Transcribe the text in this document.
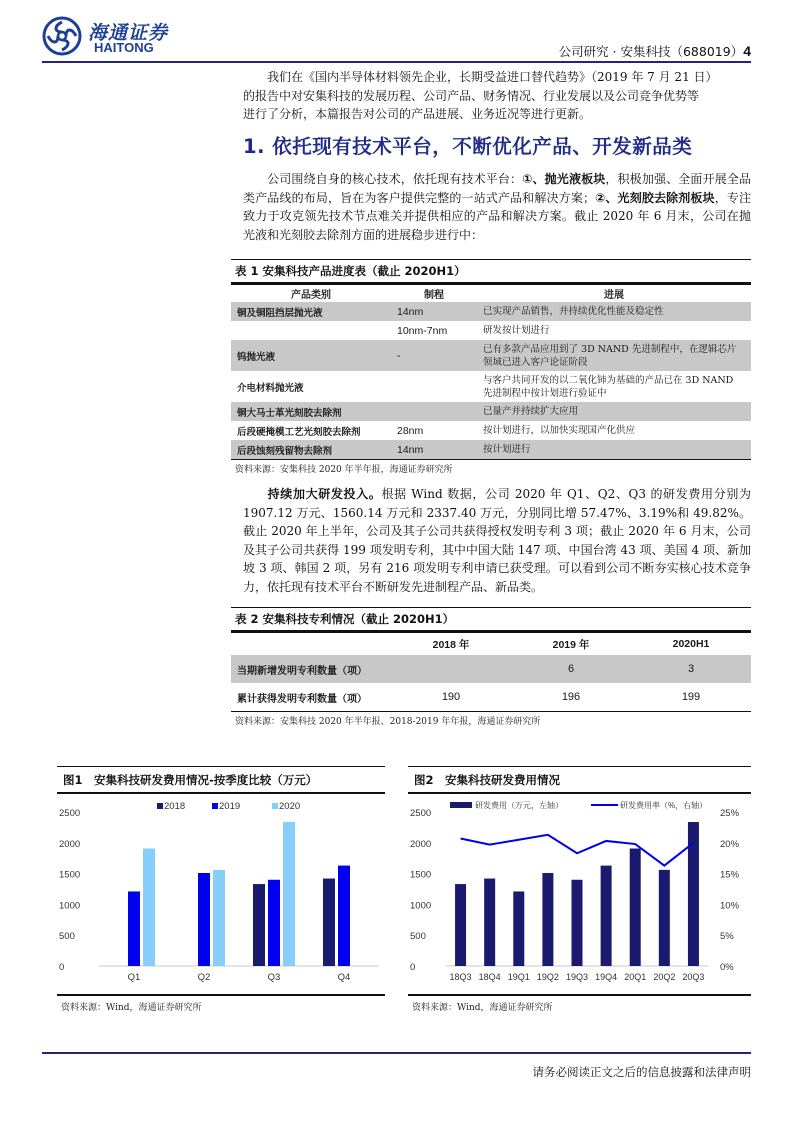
海通证券
HAITONG	公司研究 · 安集科技（688019）4
我们在《国内半导体材料领先企业，长期受益进口替代趋势》（2019 年 7 月 21 日）
的报告中对安集科技的发展历程、公司产品、财务情况、行业发展以及公司竞争优势等
进行了分析，本篇报告对公司的产品进展、业务近况等进行更新。
1. 依托现有技术平台，不断优化产品、开发新品类
公司围绕自身的核心技术，依托现有技术平台：①、抛光液板块，积极加强、全面开展全品类产品线的布局，旨在为客户提供完整的一站式产品和解决方案；②、光刻胶去除剂板块，专注致力于攻克领先技术节点难关并提供相应的产品和解决方案。截止 2020 年 6 月末，公司在抛光液和光刻胶去除剂方面的进展稳步进行中：
表 1 安集科技产品进度表（截止 2020H1）
产品类别	制程	进展
铜及铜阻挡层抛光液	14nm	已实现产品销售，并持续优化性能及稳定性
	10nm-7nm	研发按计划进行
钨抛光液	-	已有多款产品应用到了 3D NAND 先进制程中，在逻辑芯片领域已进入客户论证阶段
介电材料抛光液		与客户共同开发的以二氧化铈为基础的产品已在 3D NAND 先进制程中按计划进行验证中
铜大马士革光刻胶去除剂		已量产并持续扩大应用
后段硬掩模工艺光刻胶去除剂	28nm	按计划进行，以加快实现国产化供应
后段蚀刻残留物去除剂	14nm	按计划进行
资料来源：安集科技 2020 年半年报，海通证券研究所
持续加大研发投入。根据 Wind 数据，公司 2020 年 Q1、Q2、Q3 的研发费用分别为 1907.12 万元、1560.14 万元和 2337.40 万元，分别同比增 57.47%、3.19%和 49.82%。截止 2020 年上半年，公司及其子公司共获得授权发明专利 3 项；截止 2020 年 6 月末，公司及其子公司共获得 199 项发明专利，其中中国大陆 147 项、中国台湾 43 项、美国 4 项、新加坡 3 项、韩国 2 项，另有 216 项发明专利申请已获受理。可以看到公司不断夯实核心技术竞争力，依托现有技术平台不断研发先进制程产品、新品类。
表 2 安集科技专利情况（截止 2020H1）
	2018 年	2019 年	2020H1
当期新增发明专利数量（项）		6	3
累计获得发明专利数量（项）	190	196	199
资料来源：安集科技 2020 年半年报、2018-2019 年年报，海通证券研究所
图1　安集科技研发费用情况-按季度比较（万元）
0
500
1000
1500
2000
2500
Q1	Q2	Q3	Q4
2018	2019	2020
资料来源：Wind，海通证券研究所
图2　安集科技研发费用情况
0
500
1000
1500
2000
2500
0%
5%
10%
15%
20%
25%
18Q3 18Q4 19Q1 19Q2 19Q3 19Q4 20Q1 20Q2 20Q3
研发费用（万元，左轴）	研发费用率（%，右轴）
资料来源：Wind，海通证券研究所
请务必阅读正文之后的信息披露和法律声明
